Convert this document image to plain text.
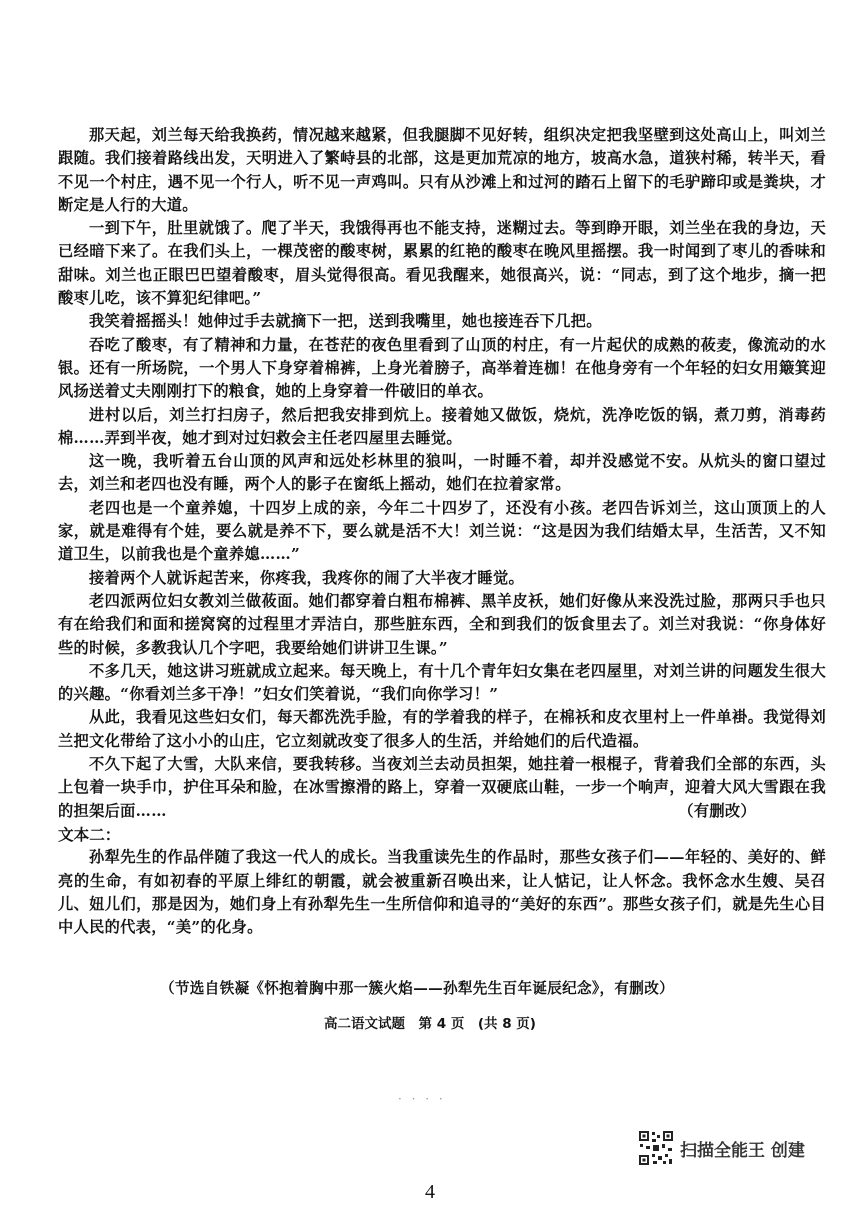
那天起，刘兰每天给我换药，情况越来越紧，但我腿脚不见好转，组织决定把我坚壁到这处高山上，叫刘兰跟随。我们接着路线出发，天明进入了繁峙县的北部，这是更加荒凉的地方，坡高水急，道狭村稀，转半天，看不见一个村庄，遇不见一个行人，听不见一声鸡叫。只有从沙滩上和过河的踏石上留下的毛驴蹄印或是粪块，才断定是人行的大道。

一到下午，肚里就饿了。爬了半天，我饿得再也不能支持，迷糊过去。等到睁开眼，刘兰坐在我的身边，天已经暗下来了。在我们头上，一棵茂密的酸枣树，累累的红艳的酸枣在晚风里摇摆。我一时闻到了枣儿的香味和甜味。刘兰也正眼巴巴望着酸枣，眉头觉得很高。看见我醒来，她很高兴，说：“同志，到了这个地步，摘一把酸枣儿吃，该不算犯纪律吧。”

我笑着摇摇头！她伸过手去就摘下一把，送到我嘴里，她也接连吞下几把。

吞吃了酸枣，有了精神和力量，在苍茫的夜色里看到了山顶的村庄，有一片起伏的成熟的莜麦，像流动的水银。还有一所场院，一个男人下身穿着棉裤，上身光着膀子，高举着连枷！在他身旁有一个年轻的妇女用簸箕迎风扬送着丈夫刚刚打下的粮食，她的上身穿着一件破旧的单衣。

进村以后，刘兰打扫房子，然后把我安排到炕上。接着她又做饭，烧炕，洗净吃饭的锅，煮刀剪，消毒药棉……弄到半夜，她才到对过妇救会主任老四屋里去睡觉。

这一晚，我听着五台山顶的风声和远处杉林里的狼叫，一时睡不着，却并没感觉不安。从炕头的窗口望过去，刘兰和老四也没有睡，两个人的影子在窗纸上摇动，她们在拉着家常。

老四也是一个童养媳，十四岁上成的亲，今年二十四岁了，还没有小孩。老四告诉刘兰，这山顶顶上的人家，就是难得有个娃，要么就是养不下，要么就是活不大！刘兰说：“这是因为我们结婚太早，生活苦，又不知道卫生，以前我也是个童养媳……”

接着两个人就诉起苦来，你疼我，我疼你的闹了大半夜才睡觉。

老四派两位妇女教刘兰做莜面。她们都穿着白粗布棉裤、黑羊皮袄，她们好像从来没洗过脸，那两只手也只有在给我们和面和搓窝窝的过程里才弄洁白，那些脏东西，全和到我们的饭食里去了。刘兰对我说：“你身体好些的时候，多教我认几个字吧，我要给她们讲讲卫生课。”

不多几天，她这讲习班就成立起来。每天晚上，有十几个青年妇女集在老四屋里，对刘兰讲的问题发生很大的兴趣。“你看刘兰多干净！”妇女们笑着说，“我们向你学习！”

从此，我看见这些妇女们，每天都洗洗手脸，有的学着我的样子，在棉袄和皮衣里村上一件单褂。我觉得刘兰把文化带给了这小小的山庄，它立刻就改变了很多人的生活，并给她们的后代造福。

不久下起了大雪，大队来信，要我转移。当夜刘兰去动员担架，她拄着一根棍子，背着我们全部的东西，头上包着一块手巾，护住耳朵和脸，在冰雪擦滑的路上，穿着一双硬底山鞋，一步一个响声，迎着大风大雪跟在我的担架后面……	（有删改）

文本二：

孙犁先生的作品伴随了我这一代人的成长。当我重读先生的作品时，那些女孩子们——年轻的、美好的、鲜亮的生命，有如初春的平原上绯红的朝霞，就会被重新召唤出来，让人惦记，让人怀念。我怀念水生嫂、吴召儿、妞儿们，那是因为，她们身上有孙犁先生一生所信仰和追寻的“美好的东西”。那些女孩子们，就是先生心目中人民的代表，“美”的化身。

（节选自铁凝《怀抱着胸中那一簇火焰——孙犁先生百年诞辰纪念》，有删改）
高二语文试题　第 4 页　(共 8 页)
· · · ·
扫描全能王 创建
4
